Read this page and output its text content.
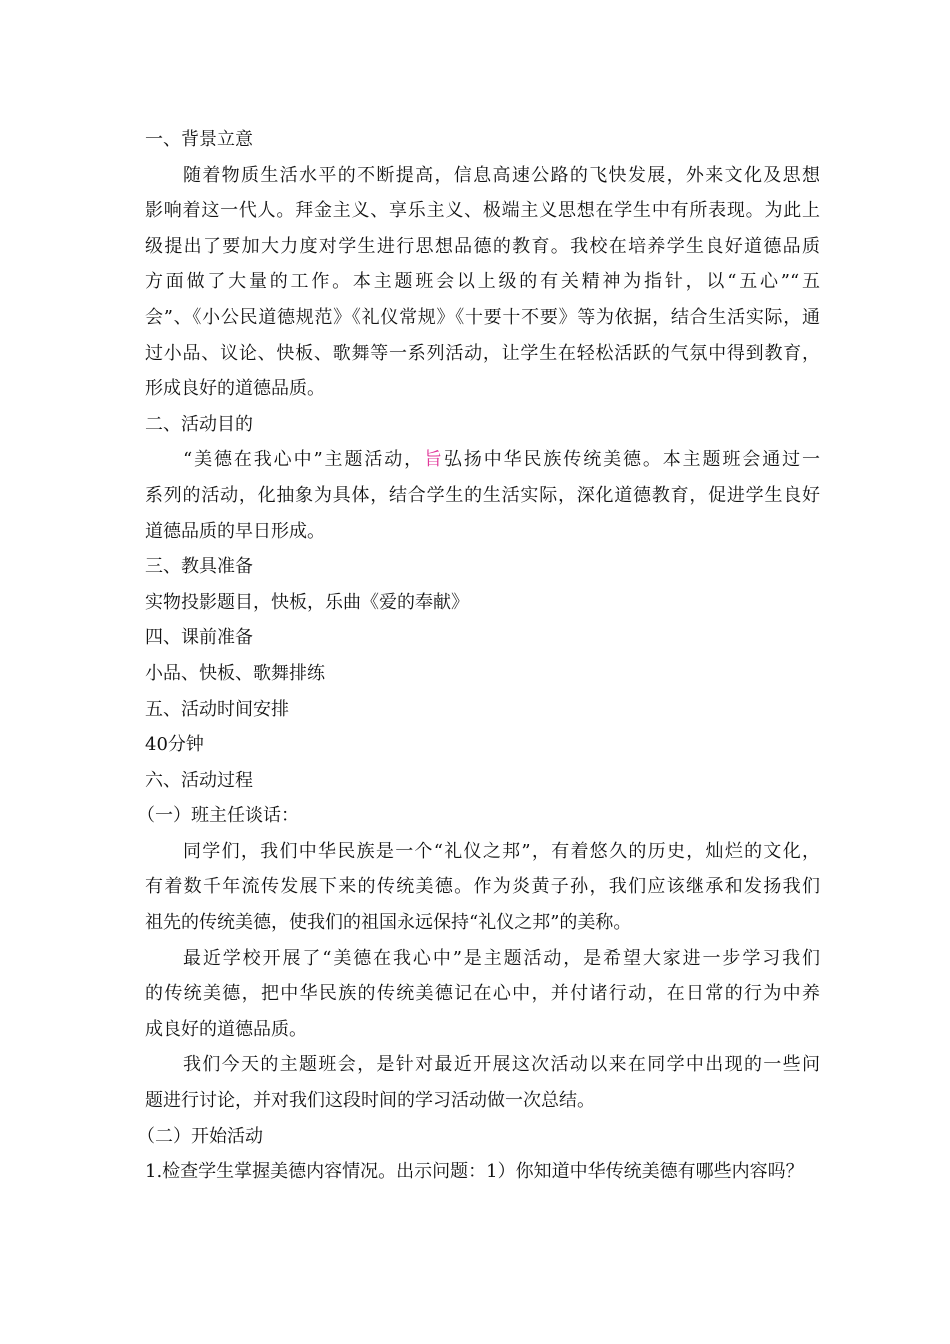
一、背景立意
随着物质生活水平的不断提高，信息高速公路的飞快发展，外来文化及思想
影响着这一代人。拜金主义、享乐主义、极端主义思想在学生中有所表现。为此上
级提出了要加大力度对学生进行思想品德的教育。我校在培养学生良好道德品质
方面做了大量的工作。本主题班会以上级的有关精神为指针，以“五心”“五
会”、《小公民道德规范》《礼仪常规》《十要十不要》等为依据，结合生活实际，通
过小品、议论、快板、歌舞等一系列活动，让学生在轻松活跃的气氛中得到教育，
形成良好的道德品质。
二、活动目的
“美德在我心中”主题活动，旨弘扬中华民族传统美德。本主题班会通过一
系列的活动，化抽象为具体，结合学生的生活实际，深化道德教育，促进学生良好
道德品质的早日形成。
三、教具准备
实物投影题目，快板，乐曲《爱的奉献》
四、课前准备
小品、快板、歌舞排练
五、活动时间安排
40分钟
六、活动过程
（一）班主任谈话：
同学们，我们中华民族是一个“礼仪之邦”，有着悠久的历史，灿烂的文化，
有着数千年流传发展下来的传统美德。作为炎黄子孙，我们应该继承和发扬我们
祖先的传统美德，使我们的祖国永远保持“礼仪之邦”的美称。
最近学校开展了“美德在我心中”是主题活动，是希望大家进一步学习我们
的传统美德，把中华民族的传统美德记在心中，并付诸行动，在日常的行为中养
成良好的道德品质。
我们今天的主题班会，是针对最近开展这次活动以来在同学中出现的一些问
题进行讨论，并对我们这段时间的学习活动做一次总结。
（二）开始活动
1.检查学生掌握美德内容情况。出示问题：1）你知道中华传统美德有哪些内容吗？
